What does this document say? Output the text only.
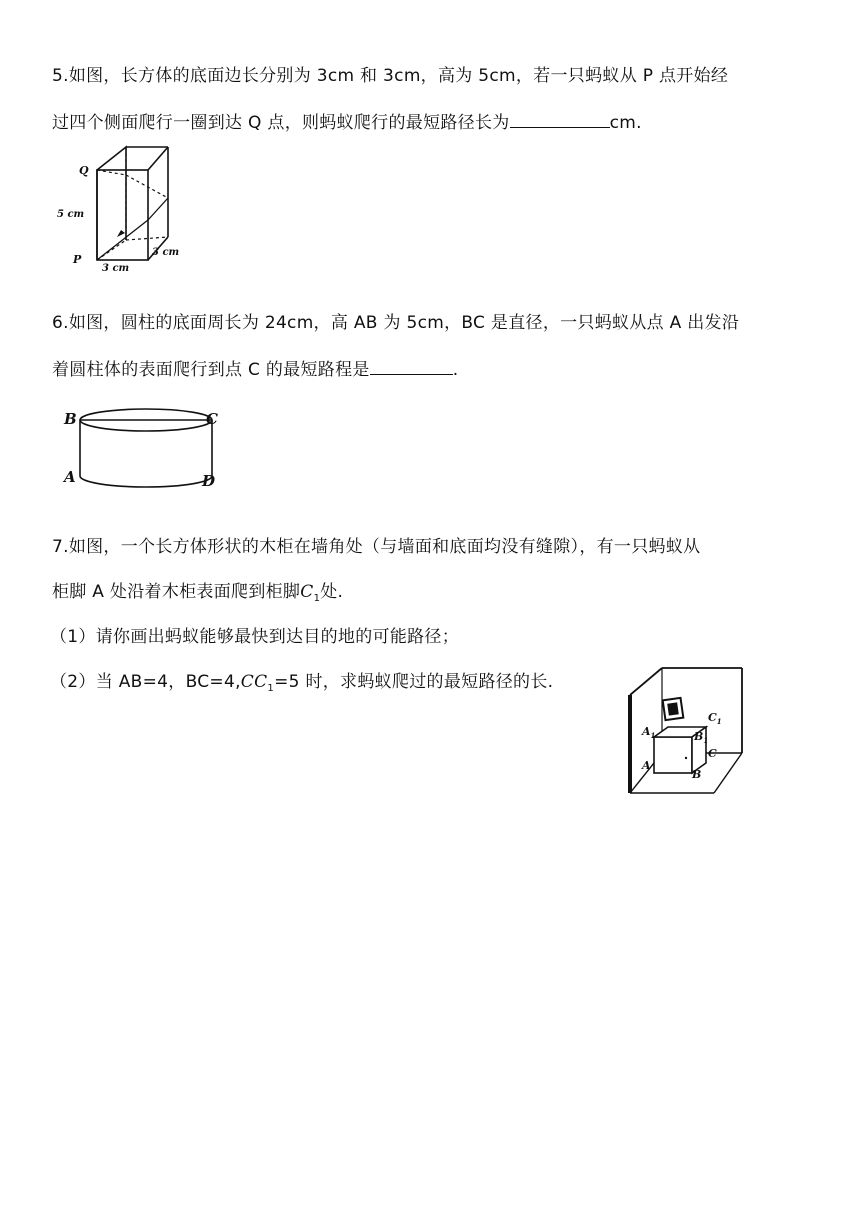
5.如图，长方体的底面边长分别为 3cm 和 3cm，高为 5cm，若一只蚂蚁从 P 点开始经
过四个侧面爬行一圈到达 Q 点，则蚂蚁爬行的最短路径长为	cm.
Q
P
5 cm
3 cm
3 cm
6.如图，圆柱的底面周长为 24cm，高 AB 为 5cm，BC 是直径，一只蚂蚁从点 A 出发沿
着圆柱体的表面爬行到点 C 的最短路程是	.
B	C
A	D
7.如图，一个长方体形状的木柜在墙角处（与墙面和底面均没有缝隙），有一只蚂蚁从
柜脚 A 处沿着木柜表面爬到柜脚$C_1$处.
（1）请你画出蚂蚁能够最快到达目的地的可能路径；
（2）当 AB=4，$BC=4,CC_1=5$ 时，求蚂蚁爬过的最短路径的长.
$A_1$	$B_1$
$C_1$
A
B
C
